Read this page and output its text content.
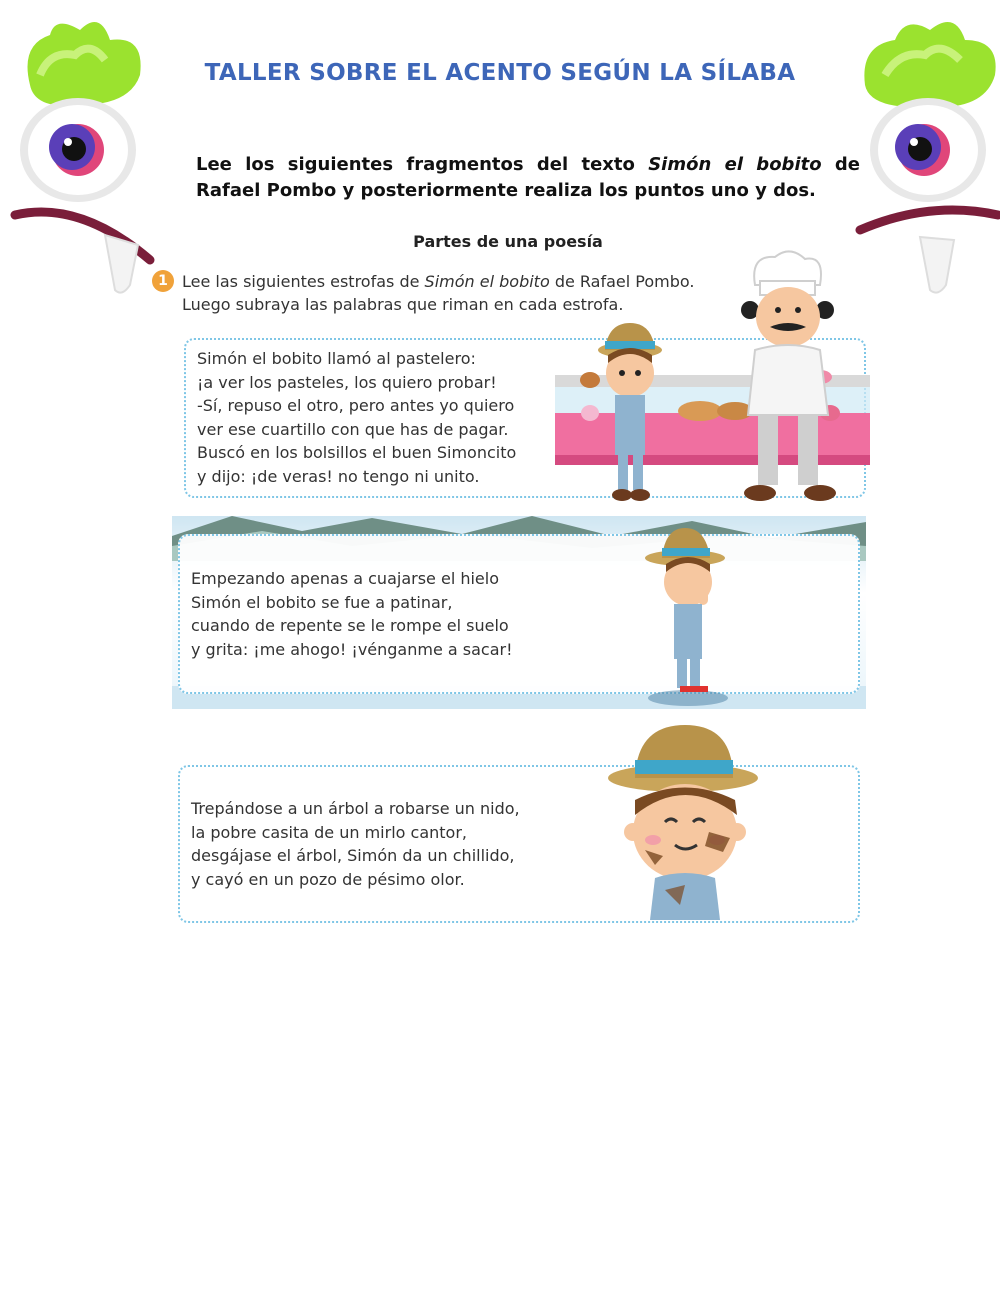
TALLER SOBRE EL ACENTO SEGÚN LA SÍLABA
Lee los siguientes fragmentos del texto Simón el bobito de Rafael Pombo y posteriormente realiza los puntos uno y dos.
Partes de una poesía
1 Lee las siguientes estrofas de Simón el bobito de Rafael Pombo.
Luego subraya las palabras que riman en cada estrofa.
Simón el bobito llamó al pastelero:
¡a ver los pasteles, los quiero probar!
-Sí, repuso el otro, pero antes yo quiero
ver ese cuartillo con que has de pagar.
Buscó en los bolsillos el buen Simoncito
y dijo: ¡de veras! no tengo ni unito.
Empezando apenas a cuajarse el hielo
Simón el bobito se fue a patinar,
cuando de repente se le rompe el suelo
y grita: ¡me ahogo! ¡vénganme a sacar!
Trepándose a un árbol a robarse un nido,
la pobre casita de un mirlo cantor,
desgájase el árbol, Simón da un chillido,
y cayó en un pozo de pésimo olor.
